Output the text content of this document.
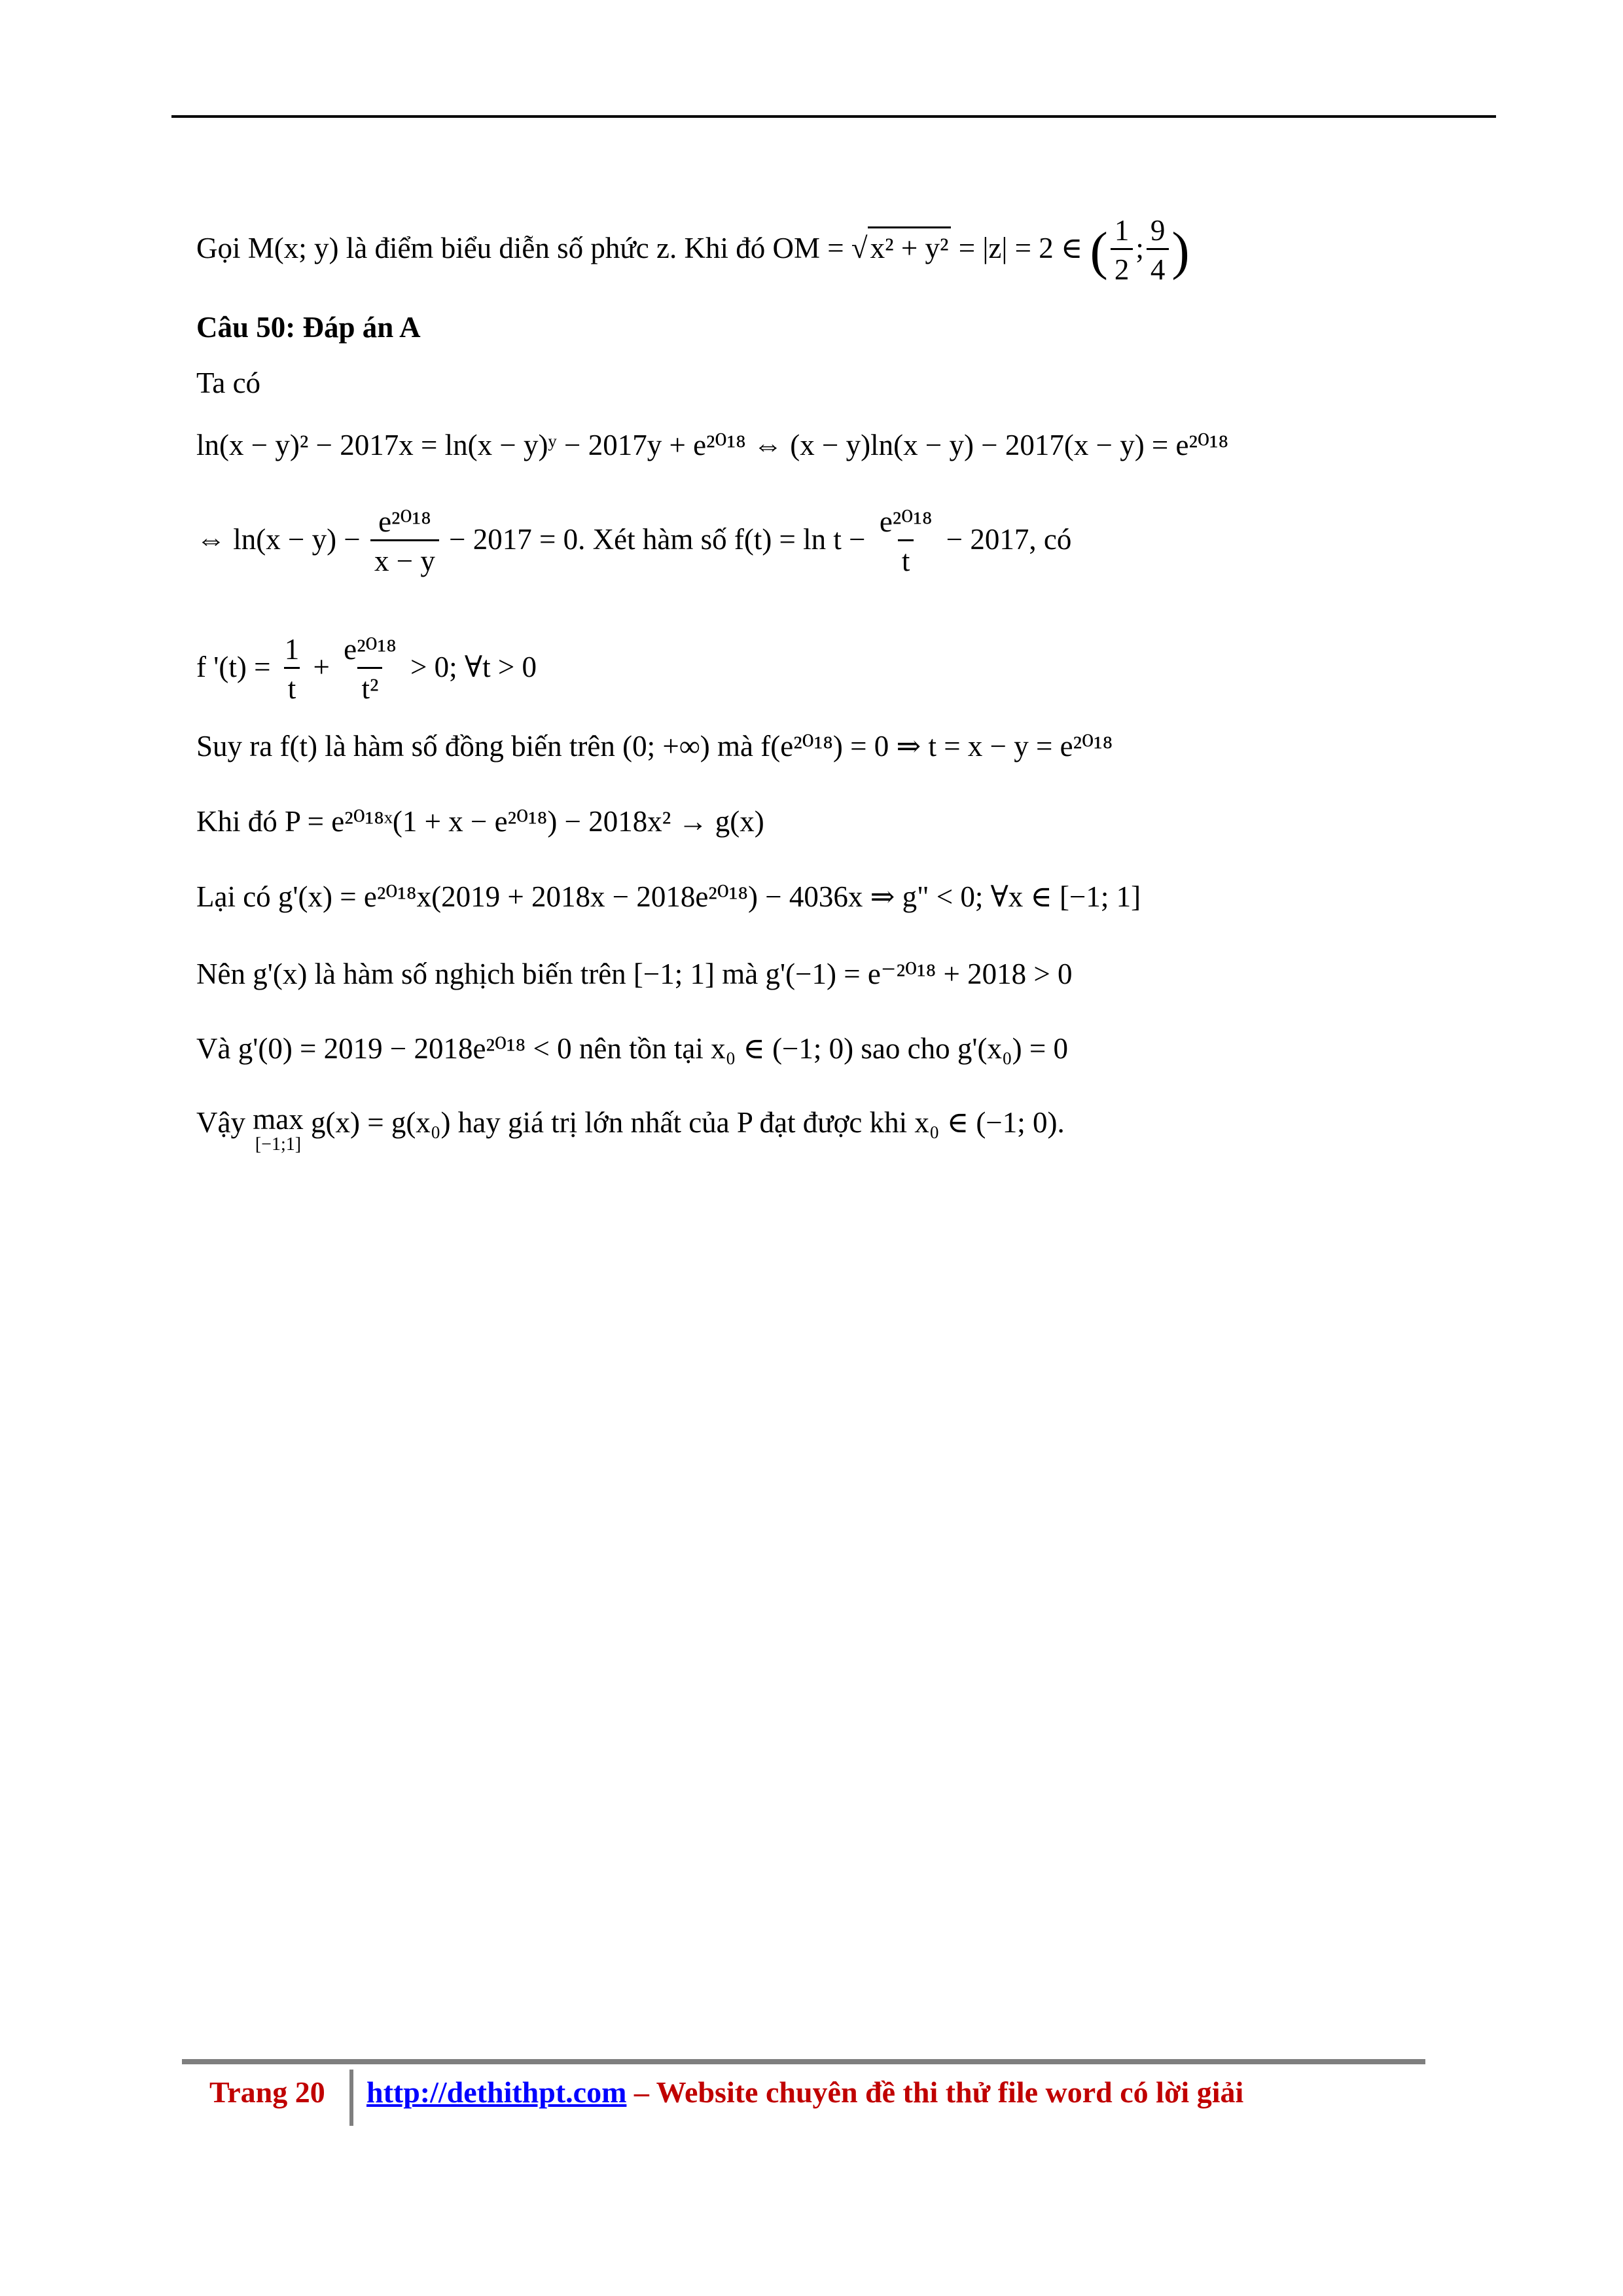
Gọi M(x; y) là điểm biểu diễn số phức z. Khi đó OM = √x² + y² = |z| = 2 ∈ ( $\frac{1}{2}$ ; $\frac{9}{4}$ )
Câu 50: Đáp án A
Ta có
ln(x − y)² − 2017x = ln(x − y)ʸ − 2017y + e²⁰¹⁸ ⇔ (x − y)ln(x − y) − 2017(x − y) = e²⁰¹⁸
⇔ $\ln(x - y) - \frac{\text{e²⁰¹⁸}}{x - y} - 2017 = 0$. Xét hàm số $f(t) = \ln t - \frac{\text{e²⁰¹⁸}}{t} - 2017$, có
f '$(t) = \frac{1}{t} + \frac{\text{e²⁰¹⁸}}{\text{t²}} > 0$; ∀t > 0
Suy ra f(t) là hàm số đồng biến trên (0; +∞) mà f(e²⁰¹⁸) = 0 ⇒ t = x − y = e²⁰¹⁸
Khi đó P = e²⁰¹⁸ˣ(1 + x − e²⁰¹⁸) − 2018x² → g(x)
Lại có g'(x) = e²⁰¹⁸x(2019 + 2018x − 2018e²⁰¹⁸) − 4036x ⇒ g" < 0; ∀x ∈ [−1; 1]
Nên g'(x) là hàm số nghịch biến trên [−1; 1] mà g'(−1) = e⁻²⁰¹⁸ + 2018 > 0
Và g'(0) = 2019 − 2018e²⁰¹⁸ < 0 nên tồn tại x₀ ∈ (−1; 0) sao cho g'(x₀) = 0
Vậy max
[−1;1]
g(x) = g(x₀) hay giá trị lớn nhất của P đạt được khi x₀ ∈ (−1; 0).
Trang 20 http://dethithpt.com – Website chuyên đề thi thử file word có lời giải
